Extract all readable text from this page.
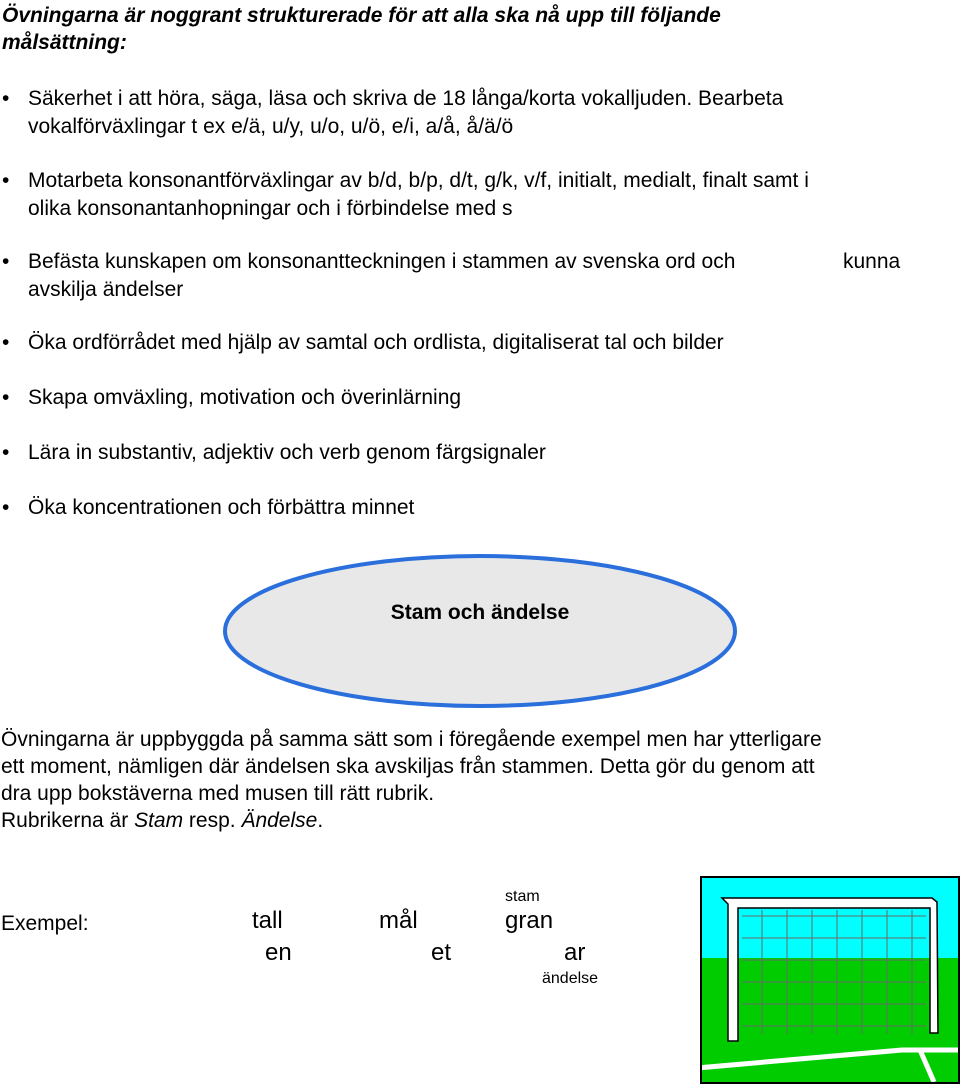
Övningarna är noggrant strukturerade för att alla ska nå upp till följande
målsättning:
• Säkerhet i att höra, säga, läsa och skriva de 18 långa/korta vokalljuden. Bearbeta
vokalförväxlingar t ex e/ä, u/y, u/o, u/ö, e/i, a/å, å/ä/ö
• Motarbeta konsonantförväxlingar av b/d, b/p, d/t, g/k, v/f, initialt, medialt, finalt samt i
olika konsonantanhopningar och i förbindelse med s
• Befästa kunskapen om konsonantteckningen i stammen av svenska ord och
avskilja ändelser
kunna
• Öka ordförrådet med hjälp av samtal och ordlista, digitaliserat tal och bilder
• Skapa omväxling, motivation och överinlärning
• Lära in substantiv, adjektiv och verb genom färgsignaler
• Öka koncentrationen och förbättra minnet
Stam och ändelse
Övningarna är uppbyggda på samma sätt som i föregående exempel men har ytterligare
ett moment, nämligen där ändelsen ska avskiljas från stammen. Detta gör du genom att
dra upp bokstäverna med musen till rätt rubrik.
Rubrikerna är Stam resp. Ändelse.
Exempel:
stam
tall	mål	gran
en	et	ar
ändelse
